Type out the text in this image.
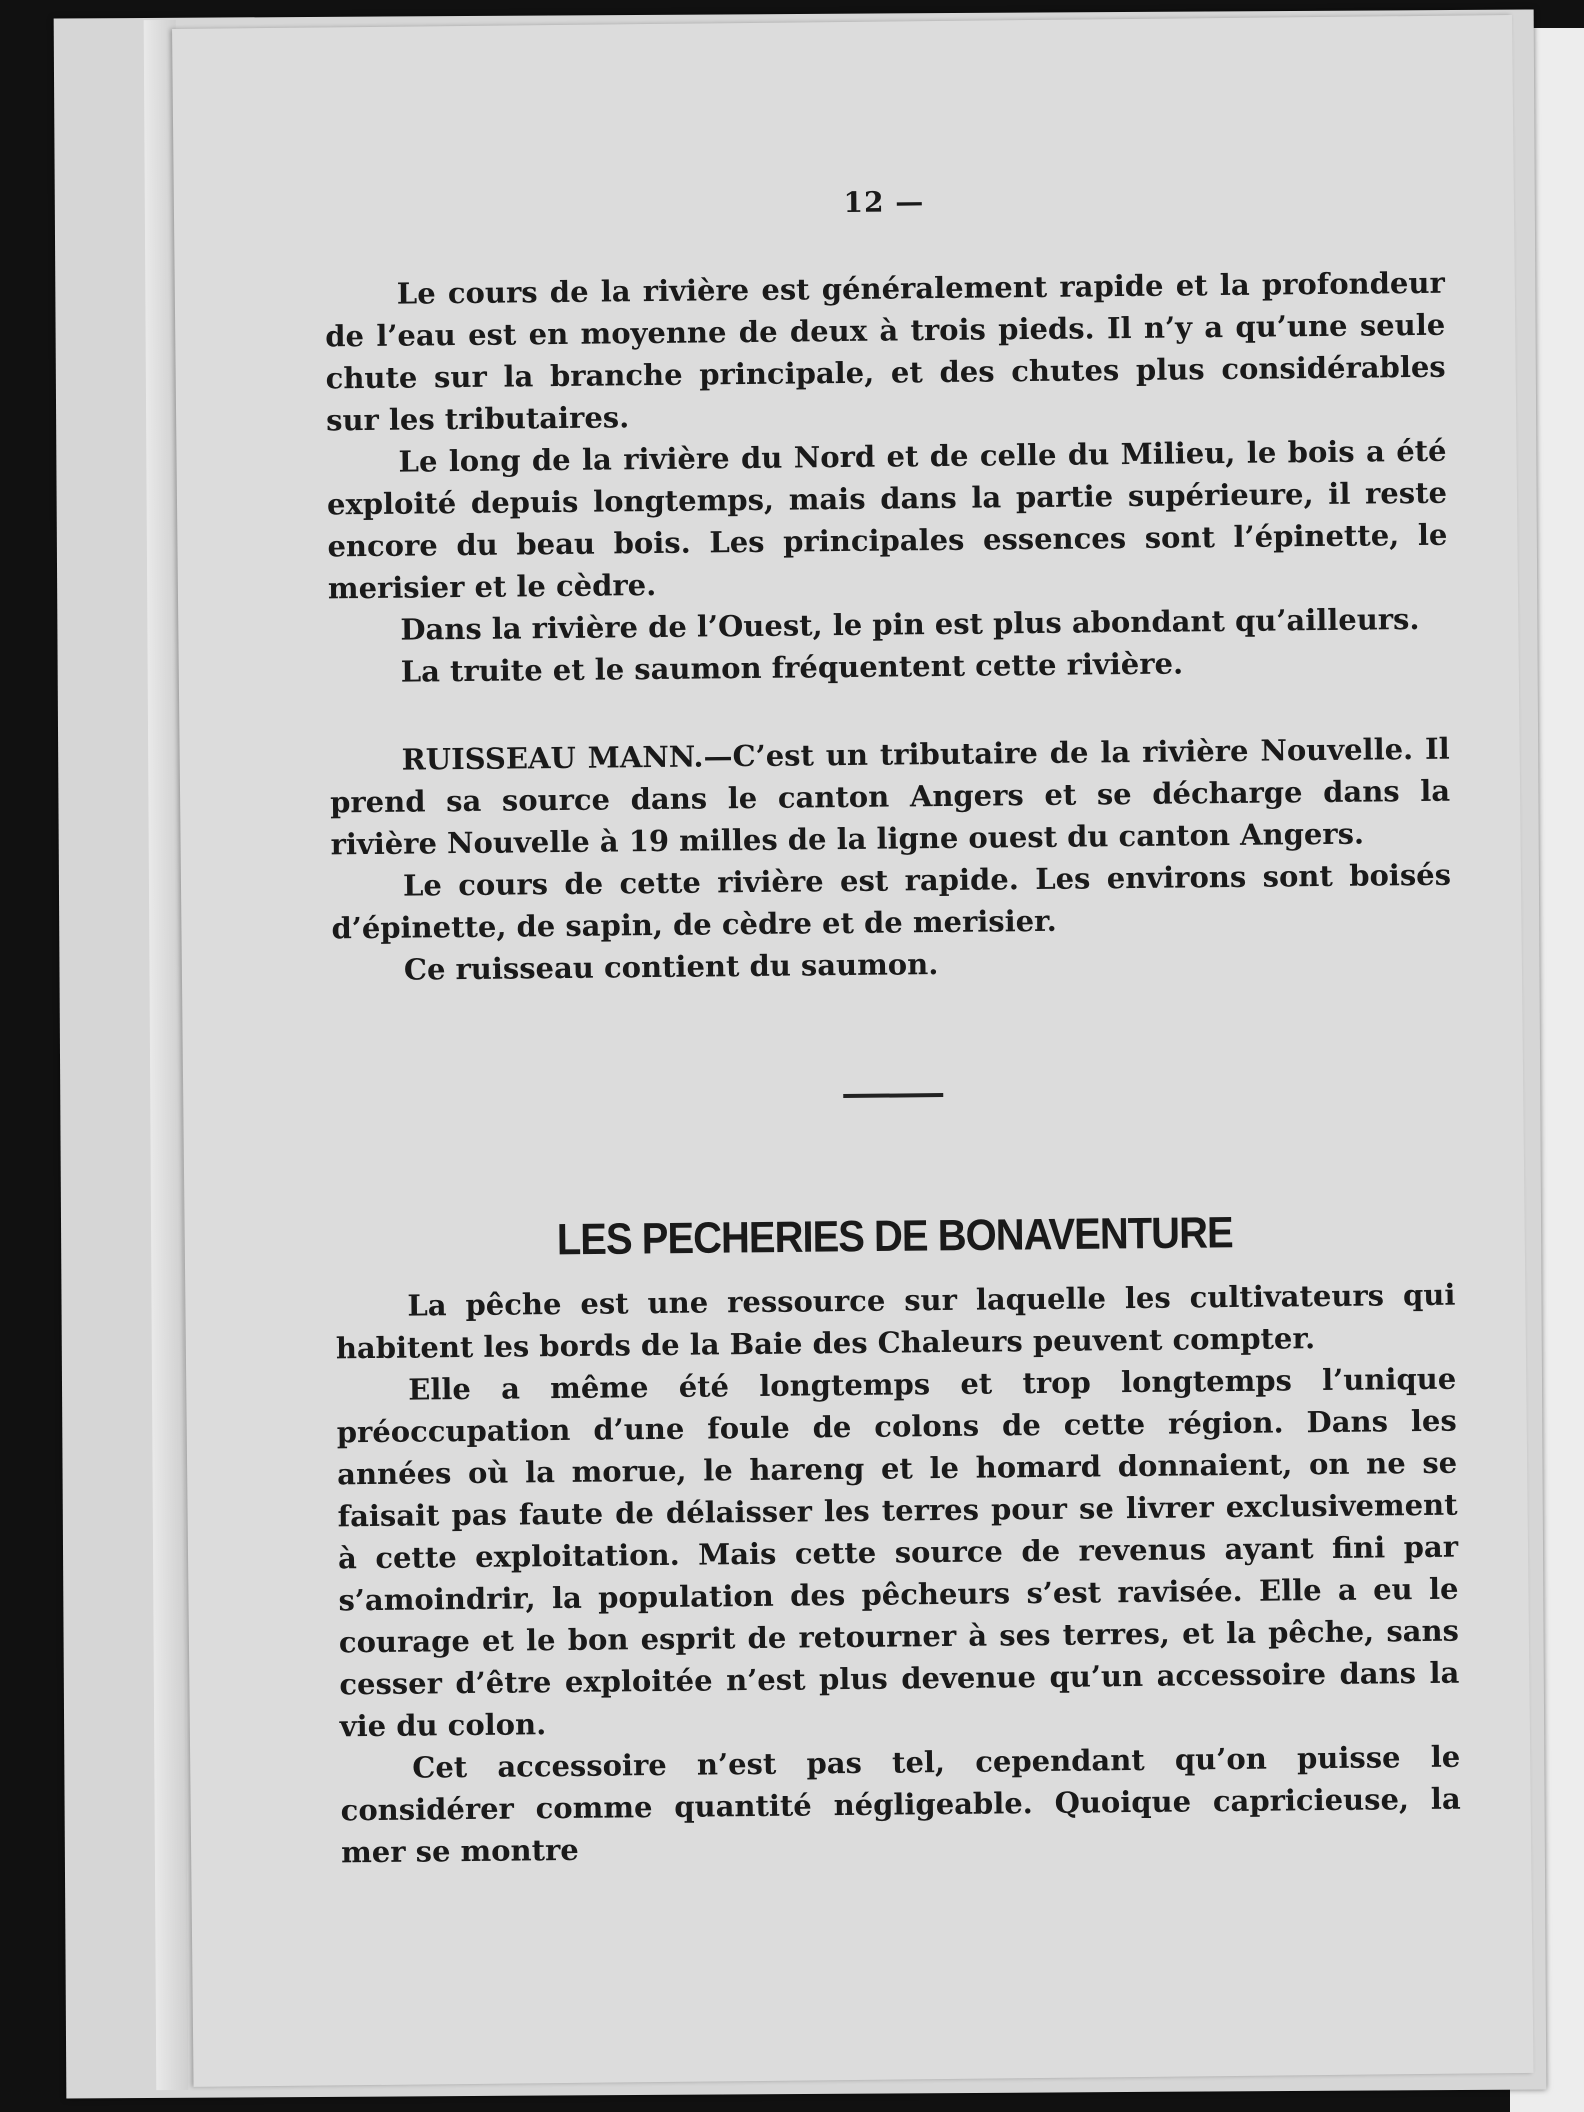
12 —

Le cours de la rivière est généralement rapide et la profondeur de l’eau est en moyenne de deux à trois pieds. Il n’y a qu’une seule chute sur la branche principale, et des chutes plus considérables sur les tributaires.

Le long de la rivière du Nord et de celle du Milieu, le bois a été exploité depuis longtemps, mais dans la partie supérieure, il reste encore du beau bois. Les principales essences sont l’épinette, le merisier et le cèdre.

Dans la rivière de l’Ouest, le pin est plus abondant qu’ailleurs.

La truite et le saumon fréquentent cette rivière.

RUISSEAU MANN.—C’est un tributaire de la rivière Nouvelle. Il prend sa source dans le canton Angers et se décharge dans la rivière Nouvelle à 19 milles de la ligne ouest du canton Angers.

Le cours de cette rivière est rapide. Les environs sont boisés d’épinette, de sapin, de cèdre et de merisier.

Ce ruisseau contient du saumon.

LES PECHERIES DE BONAVENTURE

La pêche est une ressource sur laquelle les cultivateurs qui habitent les bords de la Baie des Chaleurs peuvent compter.

Elle a même été longtemps et trop longtemps l’unique préoccupation d’une foule de colons de cette région. Dans les années où la morue, le hareng et le homard donnaient, on ne se faisait pas faute de délaisser les terres pour se livrer exclusivement à cette exploitation. Mais cette source de revenus ayant fini par s’amoindrir, la population des pêcheurs s’est ravisée. Elle a eu le courage et le bon esprit de retourner à ses terres, et la pêche, sans cesser d’être exploitée n’est plus devenue qu’un accessoire dans la vie du colon.

Cet accessoire n’est pas tel, cependant qu’on puisse le considérer comme quantité négligeable. Quoique capricieuse, la mer se montre
